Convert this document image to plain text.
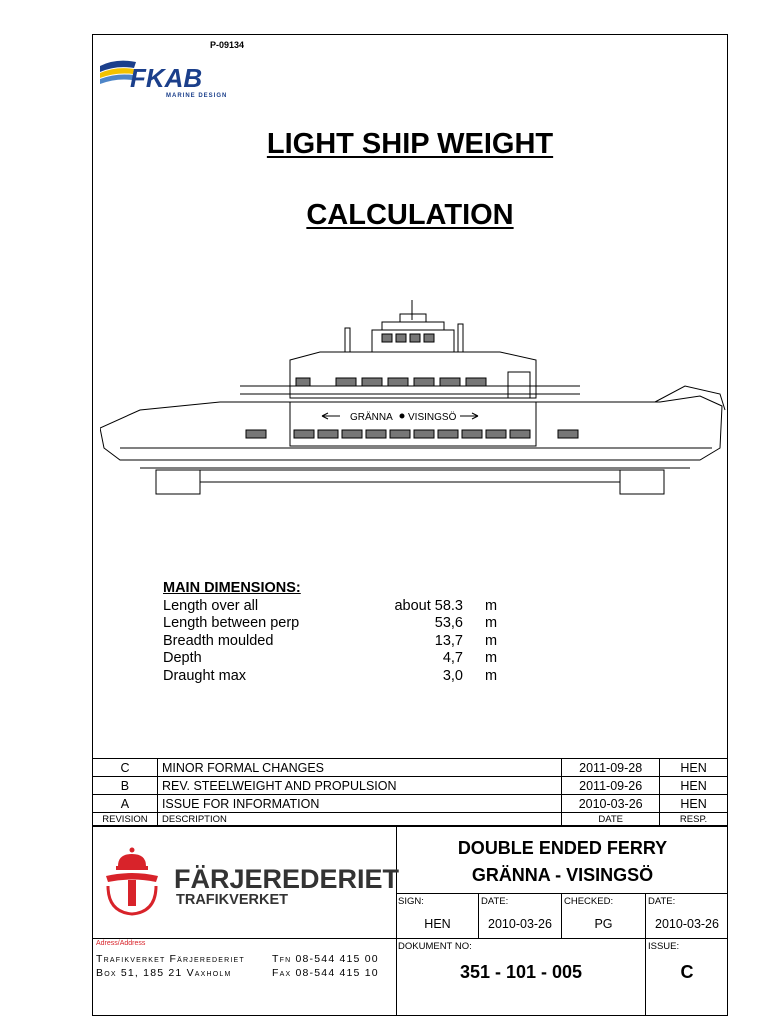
P-09134
FKAB
MARINE DESIGN
LIGHT SHIP WEIGHT
CALCULATION
GRÄNNA VISINGSÖ
MAIN DIMENSIONS:
Length over all	about 58.3 m
Length between perp	53,6 m
Breadth moulded	13,7 m
Depth	4,7 m
Draught max	3,0 m
C	MINOR FORMAL CHANGES	2011-09-28	HEN
B	REV. STEELWEIGHT AND PROPULSION	2011-09-26	HEN
A	ISSUE FOR INFORMATION	2010-03-26	HEN
REVISION	DESCRIPTION	DATE	RESP.
FÄRJEREDERIET
TRAFIKVERKET
DOUBLE ENDED FERRY
GRÄNNA - VISINGSÖ
SIGN:
HEN
DATE:
2010-03-26
CHECKED:
PG
DATE:
2010-03-26
DOKUMENT NO:
351 - 101 - 005
ISSUE:
C
Adress/Address
Trafikverket Färjerederiet	Tfn 08-544 415 00
Box 51, 185 21 Vaxholm	Fax 08-544 415 10
